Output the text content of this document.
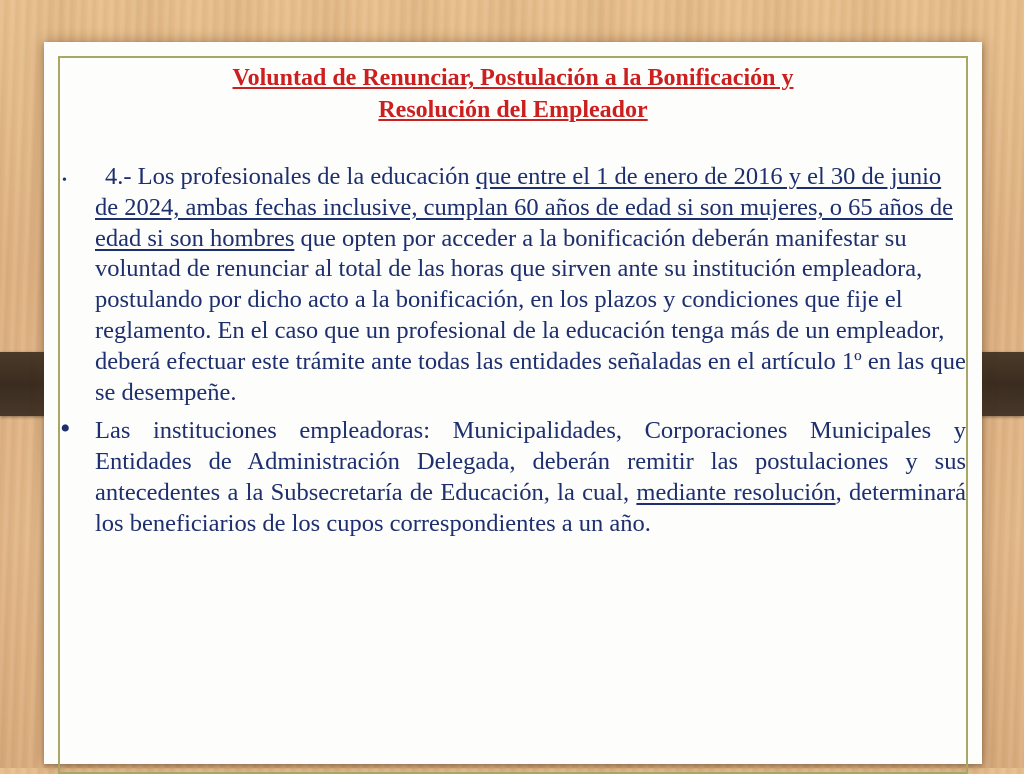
Voluntad de Renunciar, Postulación a la Bonificación y
Resolución del Empleador
• 4.- Los profesionales de la educación que entre el 1 de enero de 2016 y el 30 de junio de 2024, ambas fechas inclusive, cumplan 60 años de edad si son mujeres, o 65 años de edad si son hombres que opten por acceder a la bonificación deberán manifestar su voluntad de renunciar al total de las horas que sirven ante su institución empleadora, postulando por dicho acto a la bonificación, en los plazos y condiciones que fije el reglamento. En el caso que un profesional de la educación tenga más de un empleador, deberá efectuar este trámite ante todas las entidades señaladas en el artículo 1º en las que se desempeñe.
• Las instituciones empleadoras: Municipalidades, Corporaciones Municipales y Entidades de Administración Delegada, deberán remitir las postulaciones y sus antecedentes a la Subsecretaría de Educación, la cual, mediante resolución, determinará los beneficiarios de los cupos correspondientes a un año.
